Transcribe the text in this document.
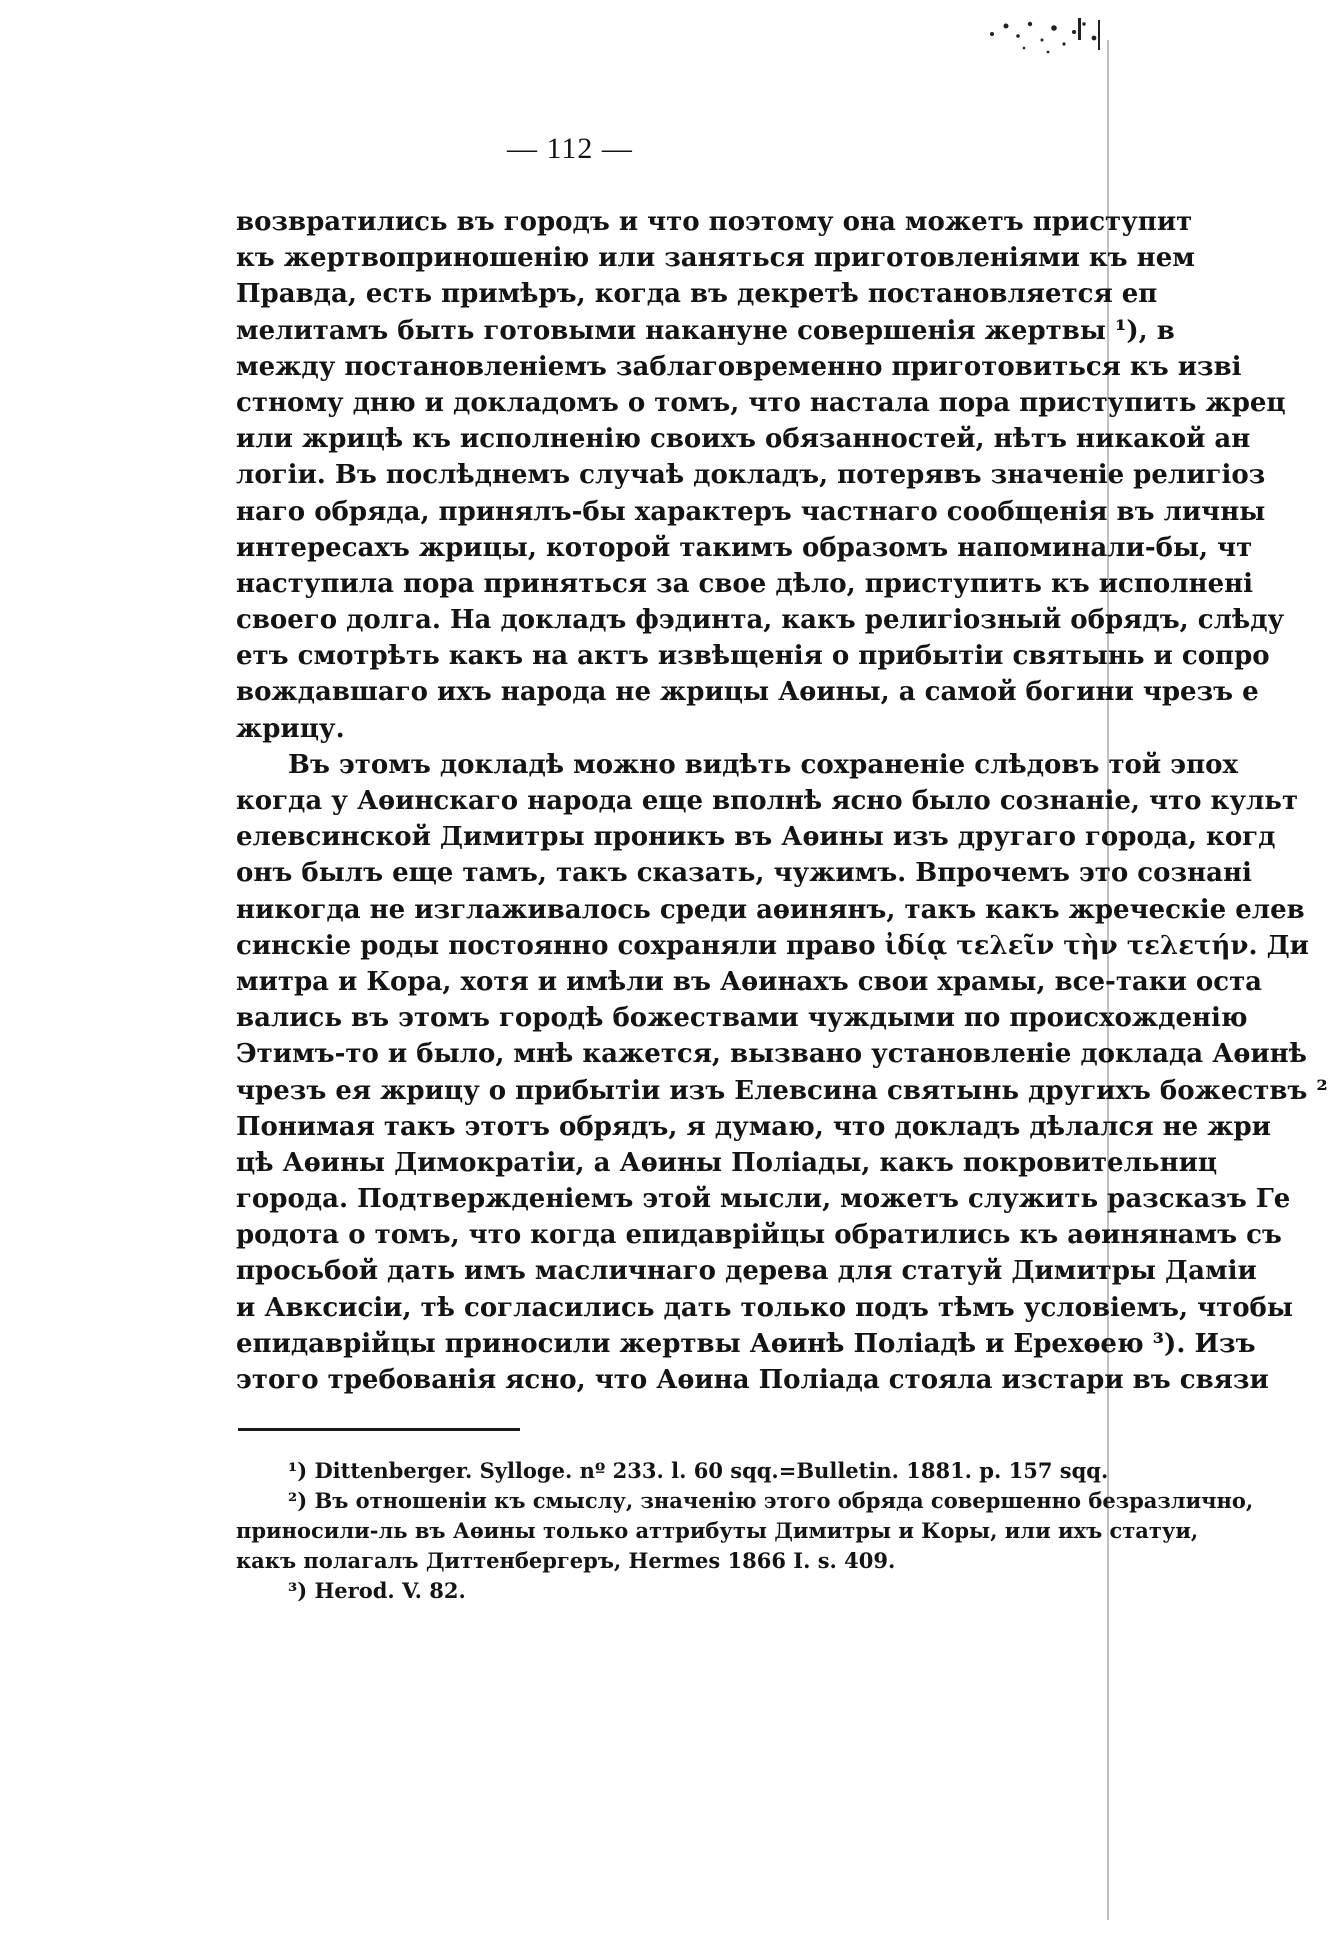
— 112 —
возвратились въ городъ и что поэтому она можетъ приступит
къ жертвоприношенію или заняться приготовленіями къ нем
Правда, есть примѣръ, когда въ декретѣ постановляется еп
мелитамъ быть готовыми накануне совершенія жертвы ¹), в
между постановленіемъ заблаговременно приготовиться къ изві
стному дню и докладомъ о томъ, что настала пора приступить жрец
или жрицѣ къ исполненію своихъ обязанностей, нѣтъ никакой ан
логіи. Въ послѣднемъ случаѣ докладъ, потерявъ значеніе религіоз
наго обряда, принялъ-бы характеръ частнаго сообщенія въ личны
интересахъ жрицы, которой такимъ образомъ напоминали-бы, чт
наступила пора приняться за свое дѣло, приступить къ исполнені
своего долга. На докладъ фэдинта, какъ религіозный обрядъ, слѣду
етъ смотрѣть какъ на актъ извѣщенія о прибытіи святынь и сопро
вождавшаго ихъ народа не жрицы Аѳины, а самой богини чрезъ е
жрицу.
Въ этомъ докладѣ можно видѣть сохраненіе слѣдовъ той эпох
когда у Аѳинскаго народа еще вполнѣ ясно было сознаніе, что культ
елевсинской Димитры проникъ въ Аѳины изъ другаго города, когд
онъ былъ еще тамъ, такъ сказать, чужимъ. Впрочемъ это сознані
никогда не изглаживалось среди аѳинянъ, такъ какъ жреческіе елев
синскіе роды постоянно сохраняли право ἰδίᾳ τελεῖν τὴν τελετήν. Ди
митра и Кора, хотя и имѣли въ Аѳинахъ свои храмы, все-таки оста
вались въ этомъ городѣ божествами чуждыми по происхожденію
Этимъ-то и было, мнѣ кажется, вызвано установленіе доклада Аѳинѣ
чрезъ ея жрицу о прибытіи изъ Елевсина святынь другихъ божествъ ²
Понимая такъ этотъ обрядъ, я думаю, что докладъ дѣлался не жри
цѣ Аѳины Димократіи, а Аѳины Поліады, какъ покровительниц
города. Подтвержденіемъ этой мысли, можетъ служить разсказъ Ге
родота о томъ, что когда епидаврійцы обратились къ аѳинянамъ съ
просьбой дать имъ масличнаго дерева для статуй Димитры Даміи
и Авксисіи, тѣ согласились дать только подъ тѣмъ условіемъ, чтобы
епидаврійцы приносили жертвы Аѳинѣ Поліадѣ и Ерехѳею ³). Изъ
этого требованія ясно, что Аѳина Поліада стояла изстари въ связи
¹) Dittenberger. Sylloge. nº 233. l. 60 sqq.=Bulletin. 1881. p. 157 sqq.
²) Въ отношеніи къ смыслу, значенію этого обряда совершенно безразлично,
приносили-ль въ Аѳины только аттрибуты Димитры и Коры, или ихъ статуи,
какъ полагалъ Диттенбергеръ, Hermes 1866 I. s. 409.
³) Herod. V. 82.
